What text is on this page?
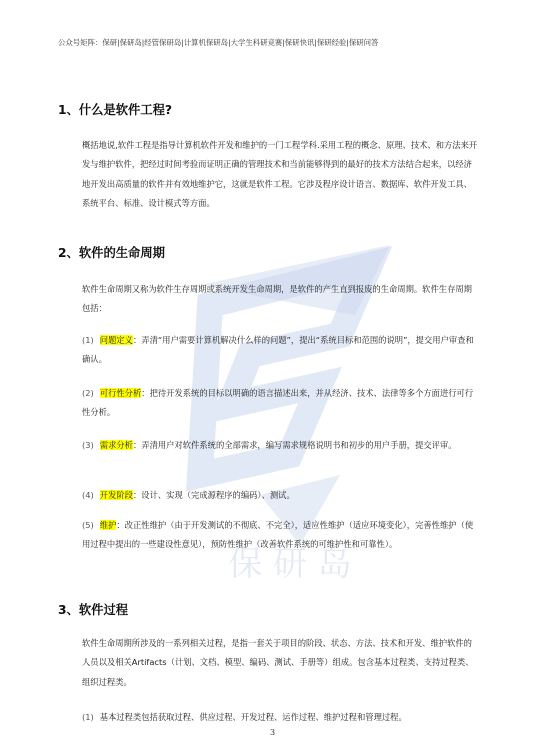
公众号矩阵：保研|保研岛|经管保研岛|计算机保研岛|大学生科研竞赛|保研快讯|保研经验|保研问答
保 研 岛
1、什么是软件工程?
概括地说,软件工程是指导计算机软件开发和维护的一门工程学科.采用工程的概念、原理、技术、和方法来开发与维护软件，把经过时间考验而证明正确的管理技术和当前能够得到的最好的技术方法结合起来，以经济地开发出高质量的软件并有效地维护它，这就是软件工程。它涉及程序设计语言、数据库、软件开发工具、系统平台、标准、设计模式等方面。
2、软件的生命周期
软件生命周期又称为软件生存周期或系统开发生命周期，是软件的产生直到报废的生命周期。软件生存周期包括：
(1) 问题定义：弄清“用户需要计算机解决什么样的问题”，提出“系统目标和范围的说明”，提交用户审查和确认。
(2) 可行性分析：把待开发系统的目标以明确的语言描述出来，并从经济、技术、法律等多个方面进行可行性分析。
(3) 需求分析：弄清用户对软件系统的全部需求，编写需求规格说明书和初步的用户手册，提交评审。
(4) 开发阶段：设计、实现（完成源程序的编码）、测试。
(5) 维护：改正性维护（由于开发测试的不彻底、不完全），适应性维护（适应环境变化），完善性维护（使用过程中提出的一些建设性意见），预防性维护（改善软件系统的可维护性和可靠性）。
3、软件过程
软件生命周期所涉及的一系列相关过程，是指一套关于项目的阶段、状态、方法、技术和开发、维护软件的人员以及相关Artifacts（计划、文档、模型、编码、测试、手册等）组成。包含基本过程类、支持过程类、组织过程类。
(1) 基本过程类包括获取过程、供应过程、开发过程、运作过程、维护过程和管理过程。
3
